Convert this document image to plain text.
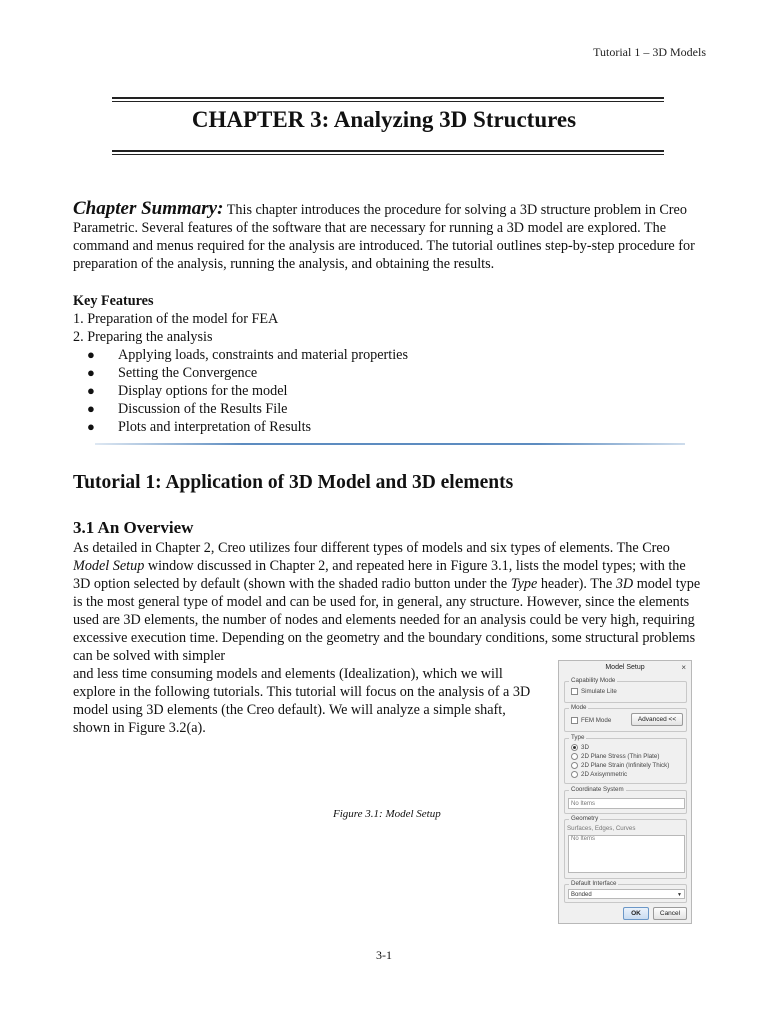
Tutorial 1 – 3D Models
CHAPTER 3: Analyzing 3D Structures
Chapter Summary: This chapter introduces the procedure for solving a 3D structure problem in Creo Parametric. Several features of the software that are necessary for running a 3D model are explored. The command and menus required for the analysis are introduced. The tutorial outlines step-by-step procedure for preparation of the analysis, running the analysis, and obtaining the results.
Key Features
1. Preparation of the model for FEA
2. Preparing the analysis
● Applying loads, constraints and material properties
● Setting the Convergence
● Display options for the model
● Discussion of the Results File
● Plots and interpretation of Results
Tutorial 1: Application of 3D Model and 3D elements
3.1 An Overview
As detailed in Chapter 2, Creo utilizes four different types of models and six types of elements. The Creo Model Setup window discussed in Chapter 2, and repeated here in Figure 3.1, lists the model types; with the 3D option selected by default (shown with the shaded radio button under the Type header). The 3D model type is the most general type of model and can be used for, in general, any structure. However, since the elements used are 3D elements, the number of nodes and elements needed for an analysis could be very high, requiring excessive execution time. Depending on the geometry and the boundary conditions, some structural problems can be solved with simpler
and less time consuming models and elements (Idealization), which we will explore in the following tutorials. This tutorial will focus on the analysis of a 3D model using 3D elements (the Creo default). We will analyze a simple shaft, shown in Figure 3.2(a).
Figure 3.1: Model Setup
Model Setup	×
Capability Mode
Simulate Lite
Mode
FEM Mode	Advanced <<
Type
3D
2D Plane Stress (Thin Plate)
2D Plane Strain (Infinitely Thick)
2D Axisymmetric
Coordinate System
No Items
Geometry
Surfaces, Edges, Curves
No Items
Default Interface
Bonded	▼
OK	Cancel
3-1
